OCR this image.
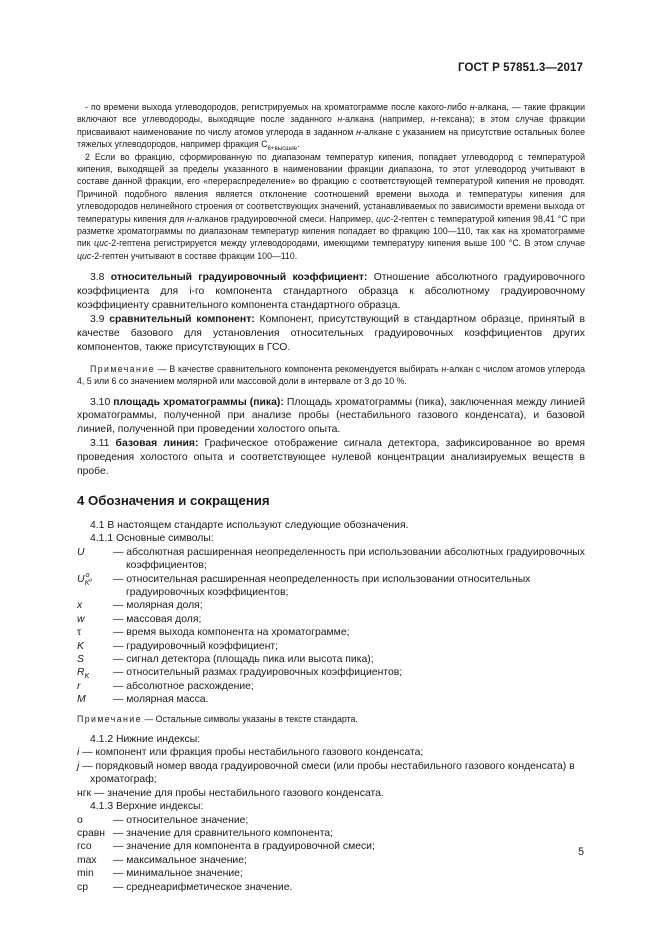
ГОСТ Р 57851.3—2017

- по времени выхода углеводородов, регистрируемых на хроматограмме после какого-либо н-алкана, — такие фракции включают все углеводороды, выходящие после заданного н-алкана (например, н-гексана); в этом случае фракции присваивают наименование по числу атомов углерода в заданном н-алкане с указанием на присутствие остальных более тяжелых углеводородов, например фракция $С_{6+высшие}$.

2 Если во фракцию, сформированную по диапазонам температур кипения, попадает углеводород с температурой кипения, выходящей за пределы указанного в наименовании фракции диапазона, то этот углеводород учитывают в составе данной фракции, его «перераспределение» во фракцию с соответствующей температурой кипения не проводят. Причиной подобного явления является отклонение соотношений времени выхода и температуры кипения для углеводородов нелинейного строения от соответствующих значений, устанавливаемых по зависимости времени выхода от температуры кипения для н-алканов градуировочной смеси. Например, цис-2-гептен с температурой кипения 98,41 °С при разметке хроматограммы по диапазонам температур кипения попадает во фракцию 100—110, так как на хроматограмме пик цис-2-гептена регистрируется между углеводородами, имеющими температуру кипения выше 100 °С. В этом случае цис-2-гептен учитывают в составе фракции 100—110.

3.8 относительный градуировочный коэффициент: Отношение абсолютного градуировочного коэффициента для i-го компонента стандартного образца к абсолютному градуировочному коэффициенту сравнительного компонента стандартного образца.

3.9 сравнительный компонент: Компонент, присутствующий в стандартном образце, принятый в качестве базового для установления относительных градуировочных коэффициентов других компонентов, также присутствующих в ГСО.

Примечание — В качестве сравнительного компонента рекомендуется выбирать н-алкан с числом атомов углерода 4, 5 или 6 со значением молярной или массовой доли в интервале от 3 до 10 %.

3.10 площадь хроматограммы (пика): Площадь хроматограммы (пика), заключенная между линией хроматограммы, полученной при анализе пробы (нестабильного газового конденсата), и базовой линией, полученной при проведении холостого опыта.

3.11 базовая линия: Графическое отображение сигнала детектора, зафиксированное во время проведения холостого опыта и соответствующее нулевой концентрации анализируемых веществ в пробе.

4 Обозначения и сокращения
4.1 В настоящем стандарте используют следующие обозначения.
4.1.1 Основные символы:
U	— абсолютная расширенная неопределенность при использовании абсолютных градуировочных коэффициентов;
$U^o_{K^o}$	— относительная расширенная неопределенность при использовании относительных градуировочных коэффициентов;
x	— молярная доля;
w	— массовая доля;
τ	— время выхода компонента на хроматограмме;
K	— градуировочный коэффициент;
S	— сигнал детектора (площадь пика или высота пика);
$R_K$	— относительный размах градуировочных коэффициентов;
r	— абсолютное расхождение;
M	— молярная масса.

Примечание — Остальные символы указаны в тексте стандарта.

4.1.2 Нижние индексы:
i — компонент или фракция пробы нестабильного газового конденсата;
j — порядковый номер ввода градуировочной смеси (или пробы нестабильного газового конденсата) в хроматограф;
нгк — значение для пробы нестабильного газового конденсата.
4.1.3 Верхние индексы:
о	— относительное значение;
сравн — значение для сравнительного компонента;
гсо	— значение для компонента в градуировочной смеси;
max	— максимальное значение;
min	— минимальное значение;
ср	— среднеарифметическое значение.
5
